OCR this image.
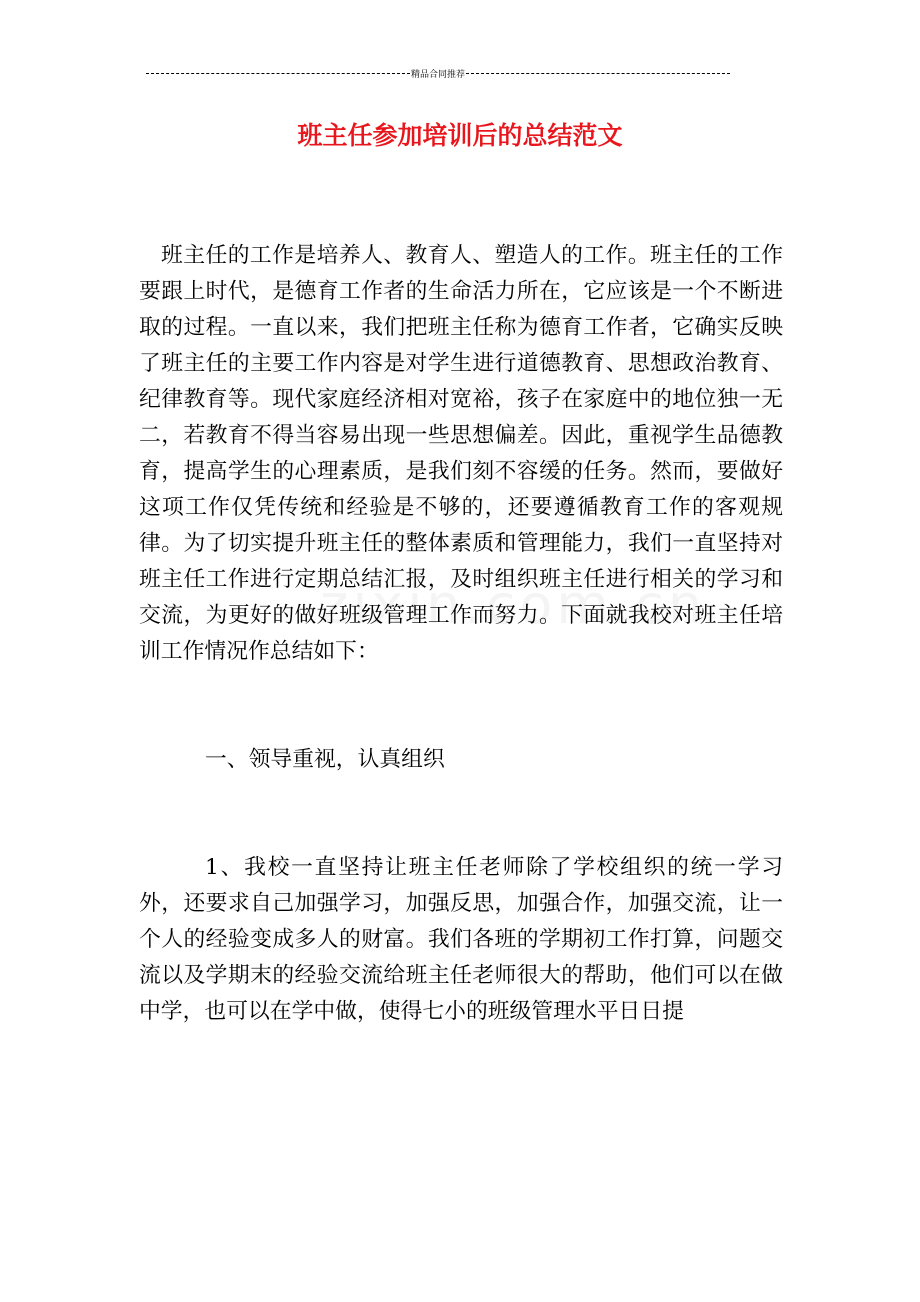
精品合同推荐
班主任参加培训后的总结范文

班主任的工作是培养人、教育人、塑造人的工作。班主任的工作要跟上时代，是德育工作者的生命活力所在，它应该是一个不断进取的过程。一直以来，我们把班主任称为德育工作者，它确实反映了班主任的主要工作内容是对学生进行道德教育、思想政治教育、纪律教育等。现代家庭经济相对宽裕，孩子在家庭中的地位独一无二，若教育不得当容易出现一些思想偏差。因此，重视学生品德教育，提高学生的心理素质，是我们刻不容缓的任务。然而，要做好这项工作仅凭传统和经验是不够的，还要遵循教育工作的客观规律。为了切实提升班主任的整体素质和管理能力，我们一直坚持对班主任工作进行定期总结汇报，及时组织班主任进行相关的学习和交流，为更好的做好班级管理工作而努力。下面就我校对班主任培训工作情况作总结如下：

一、领导重视，认真组织

1、我校一直坚持让班主任老师除了学校组织的统一学习外，还要求自己加强学习，加强反思，加强合作，加强交流，让一个人的经验变成多人的财富。我们各班的学期初工作打算，问题交流以及学期末的经验交流给班主任老师很大的帮助，他们可以在做中学，也可以在学中做，使得七小的班级管理水平日日提
